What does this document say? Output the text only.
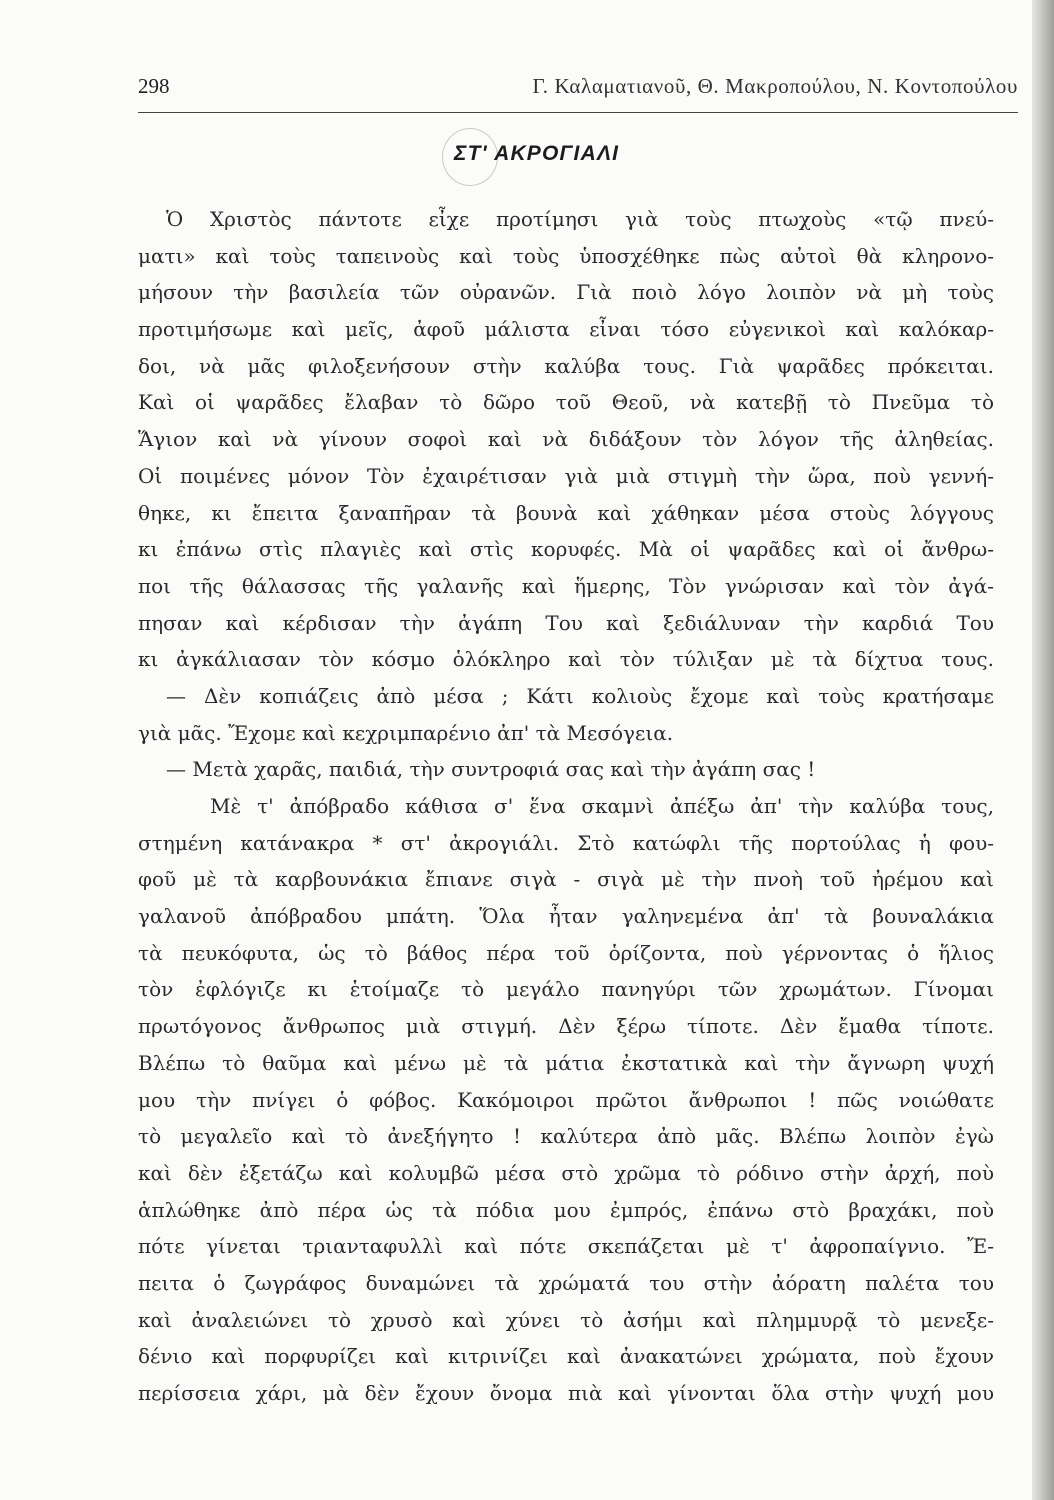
298	Γ. Καλαματιανοῦ, Θ. Μακροπούλου, Ν. Κοντοπούλου
ΣΤ' ΑΚΡΟΓΙΑΛΙ
Ὁ Χριστὸς πάντοτε εἶχε προτίμησι γιὰ τοὺς πτωχοὺς «τῷ πνεύ-
ματι» καὶ τοὺς ταπεινοὺς καὶ τοὺς ὑποσχέθηκε πὼς αὐτοὶ θὰ κληρονο-
μήσουν τὴν βασιλεία τῶν οὐρανῶν. Γιὰ ποιὸ λόγο λοιπὸν νὰ μὴ τοὺς
προτιμήσωμε καὶ μεῖς, ἀφοῦ μάλιστα εἶναι τόσο εὐγενικοὶ καὶ καλόκαρ-
δοι, νὰ μᾶς φιλοξενήσουν στὴν καλύβα τους. Γιὰ ψαρᾶδες πρόκειται.
Καὶ οἱ ψαρᾶδες ἔλαβαν τὸ δῶρο τοῦ Θεοῦ, νὰ κατεβῇ τὸ Πνεῦμα τὸ
Ἅγιον καὶ νὰ γίνουν σοφοὶ καὶ νὰ διδάξουν τὸν λόγον τῆς ἀληθείας.
Οἱ ποιμένες μόνον Τὸν ἐχαιρέτισαν γιὰ μιὰ στιγμὴ τὴν ὥρα, ποὺ γεννή-
θηκε, κι ἔπειτα ξαναπῆραν τὰ βουνὰ καὶ χάθηκαν μέσα στοὺς λόγγους
κι ἐπάνω στὶς πλαγιὲς καὶ στὶς κορυφές. Μὰ οἱ ψαρᾶδες καὶ οἱ ἄνθρω-
ποι τῆς θάλασσας τῆς γαλανῆς καὶ ἥμερης, Τὸν γνώρισαν καὶ τὸν ἀγά-
πησαν καὶ κέρδισαν τὴν ἀγάπη Του καὶ ξεδιάλυναν τὴν καρδιά Του
κι ἀγκάλιασαν τὸν κόσμο ὁλόκληρο καὶ τὸν τύλιξαν μὲ τὰ δίχτυα τους.
— Δὲν κοπιάζεις ἀπὸ μέσα ; Κάτι κολιοὺς ἔχομε καὶ τοὺς κρατήσαμε
γιὰ μᾶς. Ἔχομε καὶ κεχριμπαρένιο ἀπ' τὰ Μεσόγεια.
— Μετὰ χαρᾶς, παιδιά, τὴν συντροφιά σας καὶ τὴν ἀγάπη σας !
Μὲ τ' ἀπόβραδο κάθισα σ' ἕνα σκαμνὶ ἀπέξω ἀπ' τὴν καλύβα τους,
στημένη κατάνακρα * στ' ἀκρογιάλι. Στὸ κατώφλι τῆς πορτούλας ἡ φου-
φοῦ μὲ τὰ καρβουνάκια ἔπιανε σιγὰ - σιγὰ μὲ τὴν πνοὴ τοῦ ἠρέμου καὶ
γαλανοῦ ἀπόβραδου μπάτη. Ὅλα ἦταν γαληνεμένα ἀπ' τὰ βουναλάκια
τὰ πευκόφυτα, ὡς τὸ βάθος πέρα τοῦ ὁρίζοντα, ποὺ γέρνοντας ὁ ἥλιος
τὸν ἐφλόγιζε κι ἑτοίμαζε τὸ μεγάλο πανηγύρι τῶν χρωμάτων. Γίνομαι
πρωτόγονος ἄνθρωπος μιὰ στιγμή. Δὲν ξέρω τίποτε. Δὲν ἔμαθα τίποτε.
Βλέπω τὸ θαῦμα καὶ μένω μὲ τὰ μάτια ἐκστατικὰ καὶ τὴν ἄγνωρη ψυχή
μου τὴν πνίγει ὁ φόβος. Κακόμοιροι πρῶτοι ἄνθρωποι ! πῶς νοιώθατε
τὸ μεγαλεῖο καὶ τὸ ἀνεξήγητο ! καλύτερα ἀπὸ μᾶς. Βλέπω λοιπὸν ἐγὼ
καὶ δὲν ἐξετάζω καὶ κολυμβῶ μέσα στὸ χρῶμα τὸ ρόδινο στὴν ἀρχή, ποὺ
ἁπλώθηκε ἀπὸ πέρα ὡς τὰ πόδια μου ἐμπρός, ἐπάνω στὸ βραχάκι, ποὺ
πότε γίνεται τριανταφυλλὶ καὶ πότε σκεπάζεται μὲ τ' ἀφροπαίγνιο. Ἔ-
πειτα ὁ ζωγράφος δυναμώνει τὰ χρώματά του στὴν ἀόρατη παλέτα του
καὶ ἀναλειώνει τὸ χρυσὸ καὶ χύνει τὸ ἀσήμι καὶ πλημμυρᾷ τὸ μενεξε-
δένιο καὶ πορφυρίζει καὶ κιτρινίζει καὶ ἀνακατώνει χρώματα, ποὺ ἔχουν
περίσσεια χάρι, μὰ δὲν ἔχουν ὄνομα πιὰ καὶ γίνονται ὅλα στὴν ψυχή μου
